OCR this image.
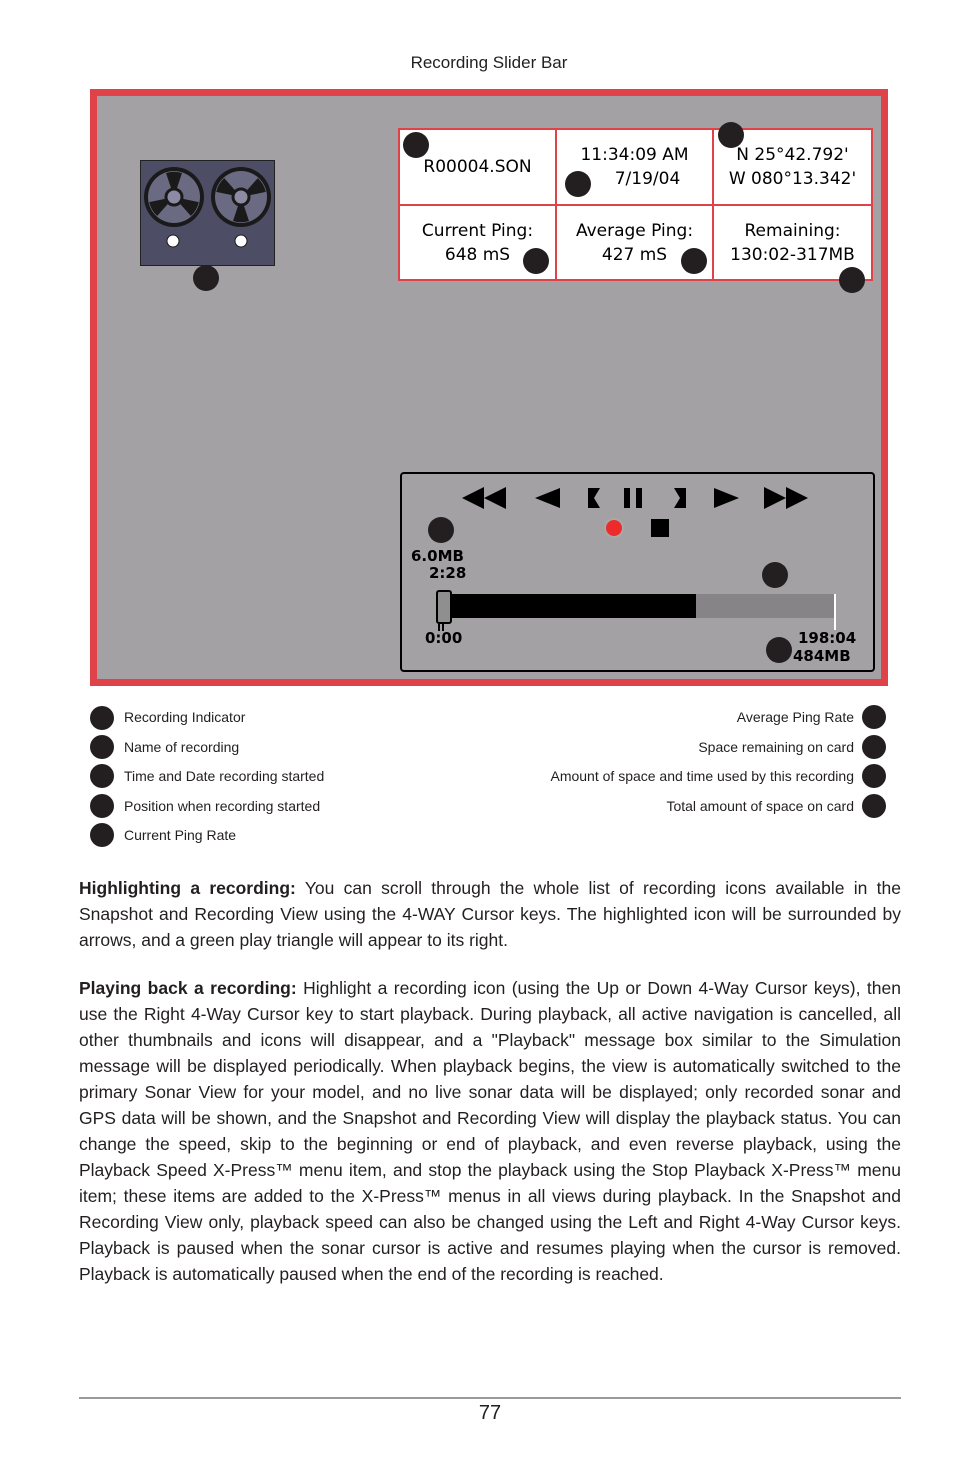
Recording Slider Bar
R00004.SON
11:34:09 AM
7/19/04
N 25°42.792'
W 080°13.342'
Current Ping:
648 mS
Average Ping:
427 mS
Remaining:
130:02-317MB
6.0MB
2:28
0:00	198:04
484MB
Recording Indicator
Name of recording
Time and Date recording started
Position when recording started
Current Ping Rate
Average Ping Rate
Space remaining on card
Amount of space and time used by this recording
Total amount of space on card
Highlighting a recording: You can scroll through the whole list of recording icons available in the Snapshot and Recording View using the 4-WAY Cursor keys. The highlighted icon will be surrounded by arrows, and a green play triangle will appear to its right.
Playing back a recording: Highlight a recording icon (using the Up or Down 4-Way Cursor keys), then use the Right 4-Way Cursor key to start playback. During playback, all active navigation is cancelled, all other thumbnails and icons will disappear, and a "Playback" message box similar to the Simulation message will be displayed periodically. When playback begins, the view is automatically switched to the primary Sonar View for your model, and no live sonar data will be displayed; only recorded sonar and GPS data will be shown, and the Snapshot and Recording View will display the playback status. You can change the speed, skip to the beginning or end of playback, and even reverse playback, using the Playback Speed X-Press™ menu item, and stop the playback using the Stop Playback X-Press™ menu item; these items are added to the X-Press™ menus in all views during playback. In the Snapshot and Recording View only, playback speed can also be changed using the Left and Right 4-Way Cursor keys. Playback is paused when the sonar cursor is active and resumes playing when the cursor is removed. Playback is automatically paused when the end of the recording is reached.
77
